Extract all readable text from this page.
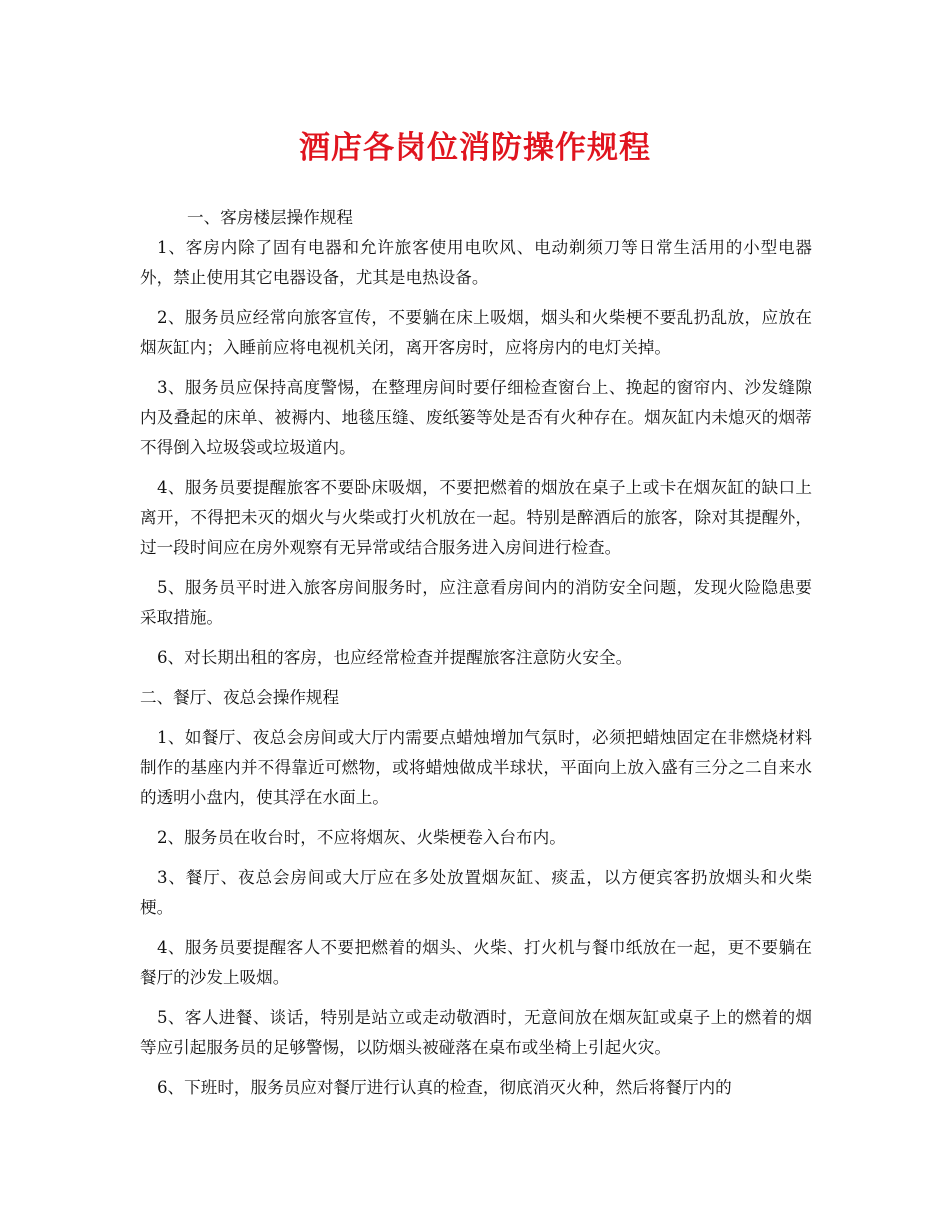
酒店各岗位消防操作规程

一、客房楼层操作规程

1、客房内除了固有电器和允许旅客使用电吹风、电动剃须刀等日常生活用的小型电器外，禁止使用其它电器设备，尤其是电热设备。

2、服务员应经常向旅客宣传，不要躺在床上吸烟，烟头和火柴梗不要乱扔乱放，应放在烟灰缸内；入睡前应将电视机关闭，离开客房时，应将房内的电灯关掉。

3、服务员应保持高度警惕，在整理房间时要仔细检查窗台上、挽起的窗帘内、沙发缝隙内及叠起的床单、被褥内、地毯压缝、废纸篓等处是否有火种存在。烟灰缸内未熄灭的烟蒂不得倒入垃圾袋或垃圾道内。

4、服务员要提醒旅客不要卧床吸烟，不要把燃着的烟放在桌子上或卡在烟灰缸的缺口上离开，不得把未灭的烟火与火柴或打火机放在一起。特别是醉酒后的旅客，除对其提醒外，过一段时间应在房外观察有无异常或结合服务进入房间进行检查。

5、服务员平时进入旅客房间服务时，应注意看房间内的消防安全问题，发现火险隐患要采取措施。

6、对长期出租的客房，也应经常检查并提醒旅客注意防火安全。

二、餐厅、夜总会操作规程

1、如餐厅、夜总会房间或大厅内需要点蜡烛增加气氛时，必须把蜡烛固定在非燃烧材料制作的基座内并不得靠近可燃物，或将蜡烛做成半球状，平面向上放入盛有三分之二自来水的透明小盘内，使其浮在水面上。

2、服务员在收台时，不应将烟灰、火柴梗卷入台布内。

3、餐厅、夜总会房间或大厅应在多处放置烟灰缸、痰盂，以方便宾客扔放烟头和火柴梗。

4、服务员要提醒客人不要把燃着的烟头、火柴、打火机与餐巾纸放在一起，更不要躺在餐厅的沙发上吸烟。

5、客人进餐、谈话，特别是站立或走动敬酒时，无意间放在烟灰缸或桌子上的燃着的烟等应引起服务员的足够警惕，以防烟头被碰落在桌布或坐椅上引起火灾。

6、下班时，服务员应对餐厅进行认真的检查，彻底消灭火种，然后将餐厅内的
